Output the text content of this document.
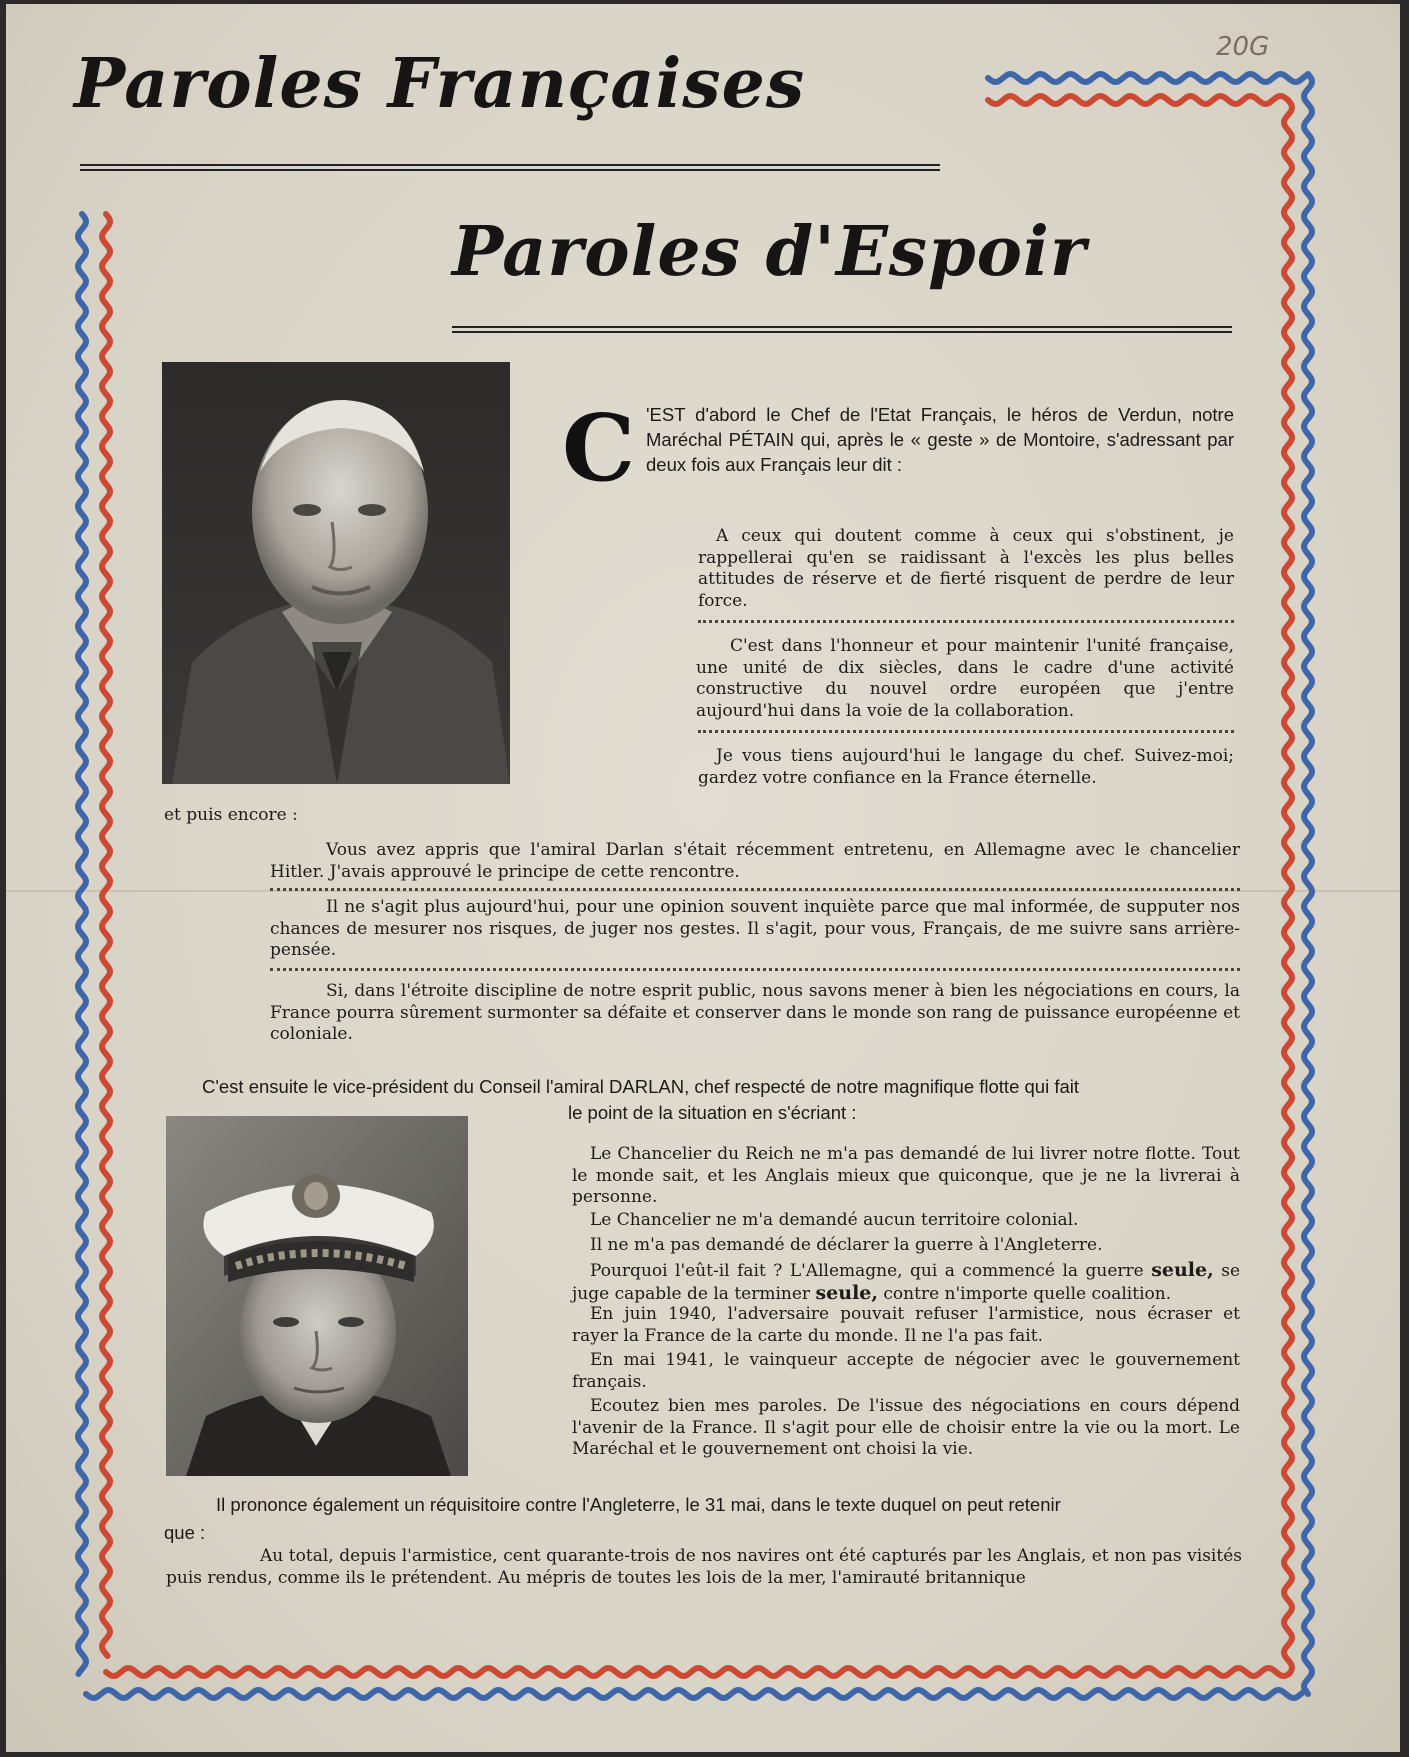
20G
Paroles Françaises
Paroles d'Espoir
C 'EST d'abord le Chef de l'Etat Français, le héros de Verdun, notre Maréchal PÉTAIN qui, après le « geste » de Montoire, s'adressant par deux fois aux Français leur dit :

A ceux qui doutent comme à ceux qui s'obstinent, je rappellerai qu'en se raidissant à l'excès les plus belles attitudes de réserve et de fierté risquent de perdre de leur force.

C'est dans l'honneur et pour maintenir l'unité française, une unité de dix siècles, dans le cadre d'une activité constructive du nouvel ordre européen que j'entre aujourd'hui dans la voie de la collaboration.

Je vous tiens aujourd'hui le langage du chef. Suivez-moi; gardez votre confiance en la France éternelle.

et puis encore :

Vous avez appris que l'amiral Darlan s'était récemment entretenu, en Allemagne avec le chancelier Hitler. J'avais approuvé le principe de cette rencontre.

Il ne s'agit plus aujourd'hui, pour une opinion souvent inquiète parce que mal informée, de supputer nos chances de mesurer nos risques, de juger nos gestes. Il s'agit, pour vous, Français, de me suivre sans arrière-pensée.

Si, dans l'étroite discipline de notre esprit public, nous savons mener à bien les négociations en cours, la France pourra sûrement surmonter sa défaite et conserver dans le monde son rang de puissance européenne et coloniale.

C'est ensuite le vice-président du Conseil l'amiral DARLAN, chef respecté de notre magnifique flotte qui fait

le point de la situation en s'écriant :

Le Chancelier du Reich ne m'a pas demandé de lui livrer notre flotte. Tout le monde sait, et les Anglais mieux que quiconque, que je ne la livrerai à personne.

Le Chancelier ne m'a demandé aucun territoire colonial.

Il ne m'a pas demandé de déclarer la guerre à l'Angleterre.

Pourquoi l'eût-il fait ? L'Allemagne, qui a commencé la guerre seule, se juge capable de la terminer seule, contre n'importe quelle coalition.

En juin 1940, l'adversaire pouvait refuser l'armistice, nous écraser et rayer la France de la carte du monde. Il ne l'a pas fait.

En mai 1941, le vainqueur accepte de négocier avec le gouvernement français.

Ecoutez bien mes paroles. De l'issue des négociations en cours dépend l'avenir de la France. Il s'agit pour elle de choisir entre la vie ou la mort. Le Maréchal et le gouvernement ont choisi la vie.

Il prononce également un réquisitoire contre l'Angleterre, le 31 mai, dans le texte duquel on peut retenir

que :

Au total, depuis l'armistice, cent quarante-trois de nos navires ont été capturés par les Anglais, et non pas visités puis rendus, comme ils le prétendent. Au mépris de toutes les lois de la mer, l'amirauté britannique
